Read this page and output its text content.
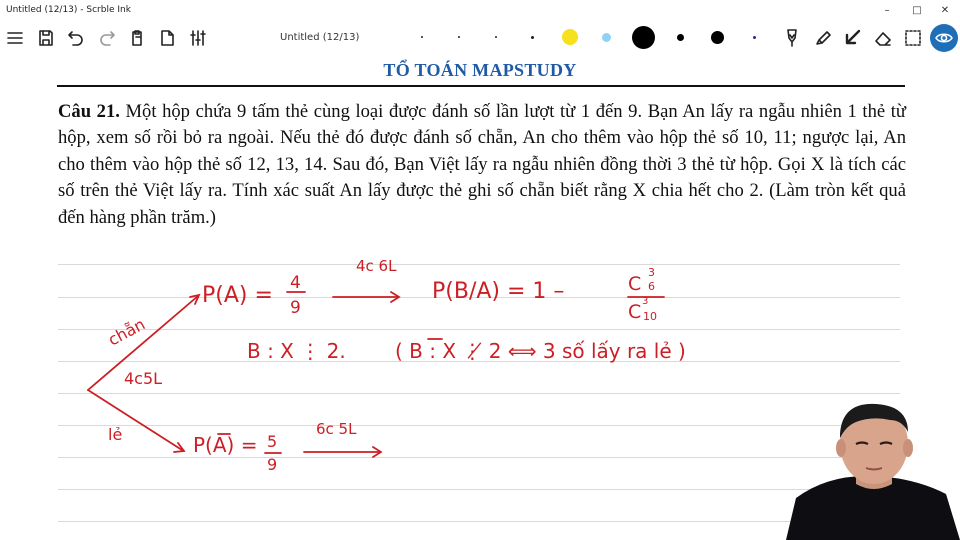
Untitled (12/13) - Scrble Ink	–	□	✕
Untitled (12/13)
TỔ TOÁN MAPSTUDY
Câu 21. Một hộp chứa 9 tấm thẻ cùng loại được đánh số lần lượt từ 1 đến 9. Bạn An lấy ra ngẫu nhiên 1 thẻ từ hộp, xem số rồi bỏ ra ngoài. Nếu thẻ đó được đánh số chẵn, An cho thêm vào hộp thẻ số 10, 11; ngược lại, An cho thêm vào hộp thẻ số 12, 13, 14. Sau đó, Bạn Việt lấy ra ngẫu nhiên đồng thời 3 thẻ từ hộp. Gọi X là tích các số trên thẻ Việt lấy ra. Tính xác suất An lấy được thẻ ghi số chẵn biết rằng X chia hết cho 2. (Làm tròn kết quả đến hàng phần trăm.)
P(A) = 4
9
4c 6L
P(B/A) = 1 –	C
3
6
C 3
10
chẵn
4c5L
lẻ
B : X ⋮ 2. ( B : X ⋮̸ 2 ⟺ 3 số lấy ra lẻ )
P(A) = 5
9
6c 5L
